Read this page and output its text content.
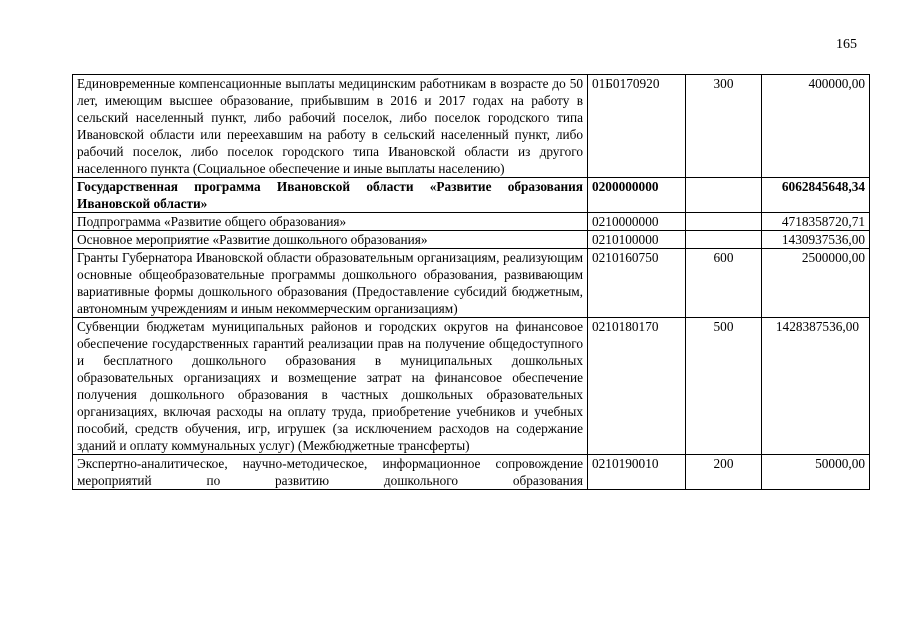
165
Единовременные компенсационные выплаты медицинским работникам в возрасте до 50 лет, имеющим высшее образование, прибывшим в 2016 и 2017 годах на работу в сельский населенный пункт, либо рабочий поселок, либо поселок городского типа Ивановской области или переехавшим на работу в сельский населенный пункт, либо рабочий поселок, либо поселок городского типа Ивановской области из другого населенного пункта (Социальное обеспечение и иные выплаты населению)	01Б0170920	300	400000,00
Государственная программа Ивановской области «Развитие образования Ивановской области»	0200000000		6062845648,34
Подпрограмма «Развитие общего образования»	0210000000		4718358720,71
Основное мероприятие «Развитие дошкольного образования»	0210100000		1430937536,00
Гранты Губернатора Ивановской области образовательным организациям, реализующим основные общеобразовательные программы дошкольного образования, развивающим вариативные формы дошкольного образования (Предоставление субсидий бюджетным, автономным учреждениям и иным некоммерческим организациям)	0210160750	600	2500000,00
Субвенции бюджетам муниципальных районов и городских округов на финансовое обеспечение государственных гарантий реализации прав на получение общедоступного и бесплатного дошкольного образования в муниципальных дошкольных образовательных организациях и возмещение затрат на финансовое обеспечение получения дошкольного образования в частных дошкольных образовательных организациях, включая расходы на оплату труда, приобретение учебников и учебных пособий, средств обучения, игр, игрушек (за исключением расходов на содержание зданий и оплату коммунальных услуг) (Межбюджетные трансферты)	0210180170	500	1428387536,00
Экспертно-аналитическое, научно-методическое, информационное сопровождение мероприятий по развитию дошкольного образования	0210190010	200	50000,00
